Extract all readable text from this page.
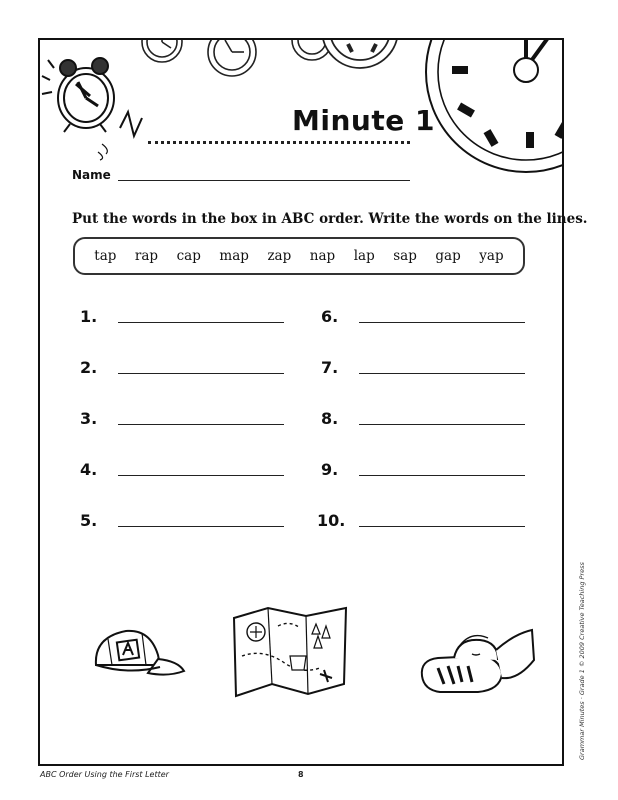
Minute 1
Name
Put the words in the box in ABC order. Write the words on the lines.
tap rap cap map zap nap lap sap gap yap
1.
2.
3.
4.
5.
6.
7.
8.
9.
10.
ABC Order Using the First Letter	8
Grammar Minutes · Grade 1 © 2009 Creative Teaching Press
